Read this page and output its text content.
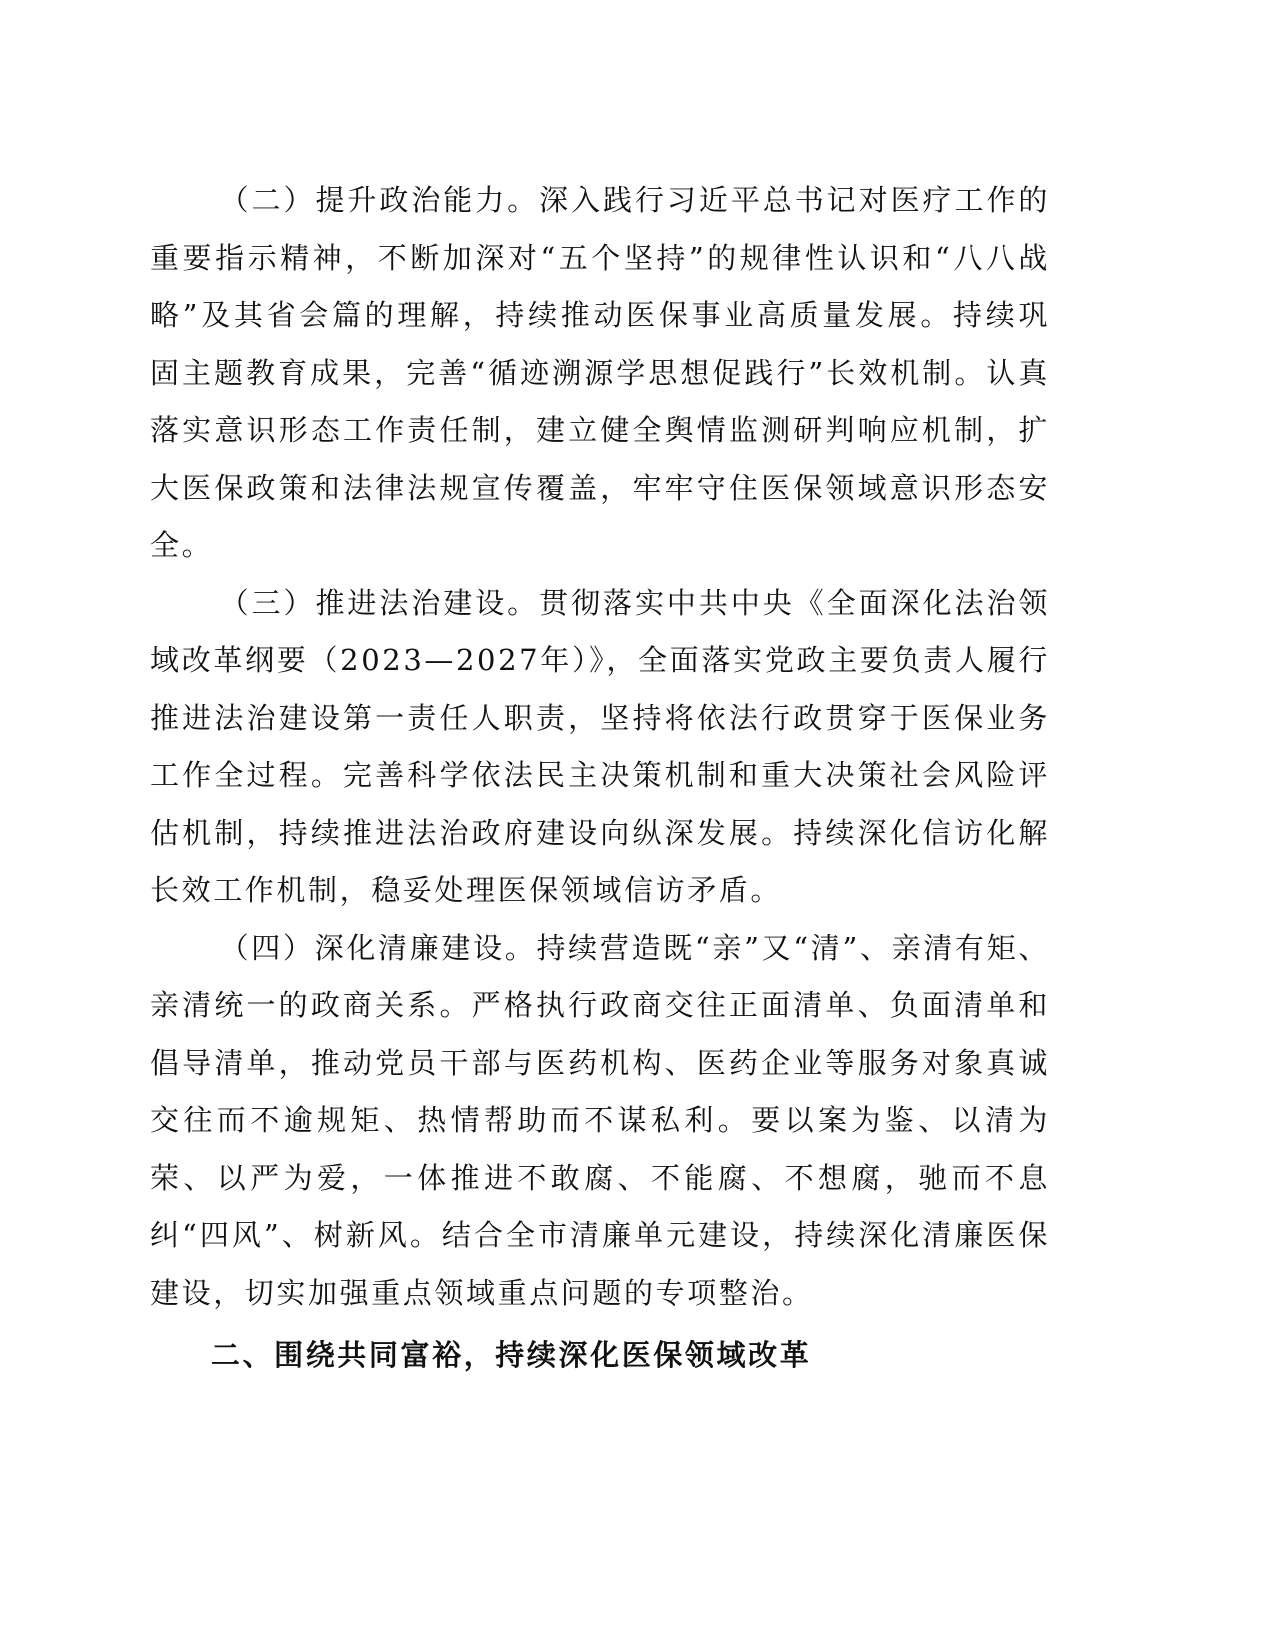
（二）提升政治能力。深入践行习近平总书记对医疗工作的重要指示精神，不断加深对“五个坚持”的规律性认识和“八八战略”及其省会篇的理解，持续推动医保事业高质量发展。持续巩固主题教育成果，完善“循迹溯源学思想促践行”长效机制。认真落实意识形态工作责任制，建立健全舆情监测研判响应机制，扩大医保政策和法律法规宣传覆盖，牢牢守住医保领域意识形态安全。

（三）推进法治建设。贯彻落实中共中央《全面深化法治领域改革纲要（2023—2027年）》，全面落实党政主要负责人履行推进法治建设第一责任人职责，坚持将依法行政贯穿于医保业务工作全过程。完善科学依法民主决策机制和重大决策社会风险评估机制，持续推进法治政府建设向纵深发展。持续深化信访化解长效工作机制，稳妥处理医保领域信访矛盾。

（四）深化清廉建设。持续营造既“亲”又“清”、亲清有矩、亲清统一的政商关系。严格执行政商交往正面清单、负面清单和倡导清单，推动党员干部与医药机构、医药企业等服务对象真诚交往而不逾规矩、热情帮助而不谋私利。要以案为鉴、以清为荣、以严为爱，一体推进不敢腐、不能腐、不想腐，驰而不息纠“四风”、树新风。结合全市清廉单元建设，持续深化清廉医保建设，切实加强重点领域重点问题的专项整治。

二、围绕共同富裕，持续深化医保领域改革
